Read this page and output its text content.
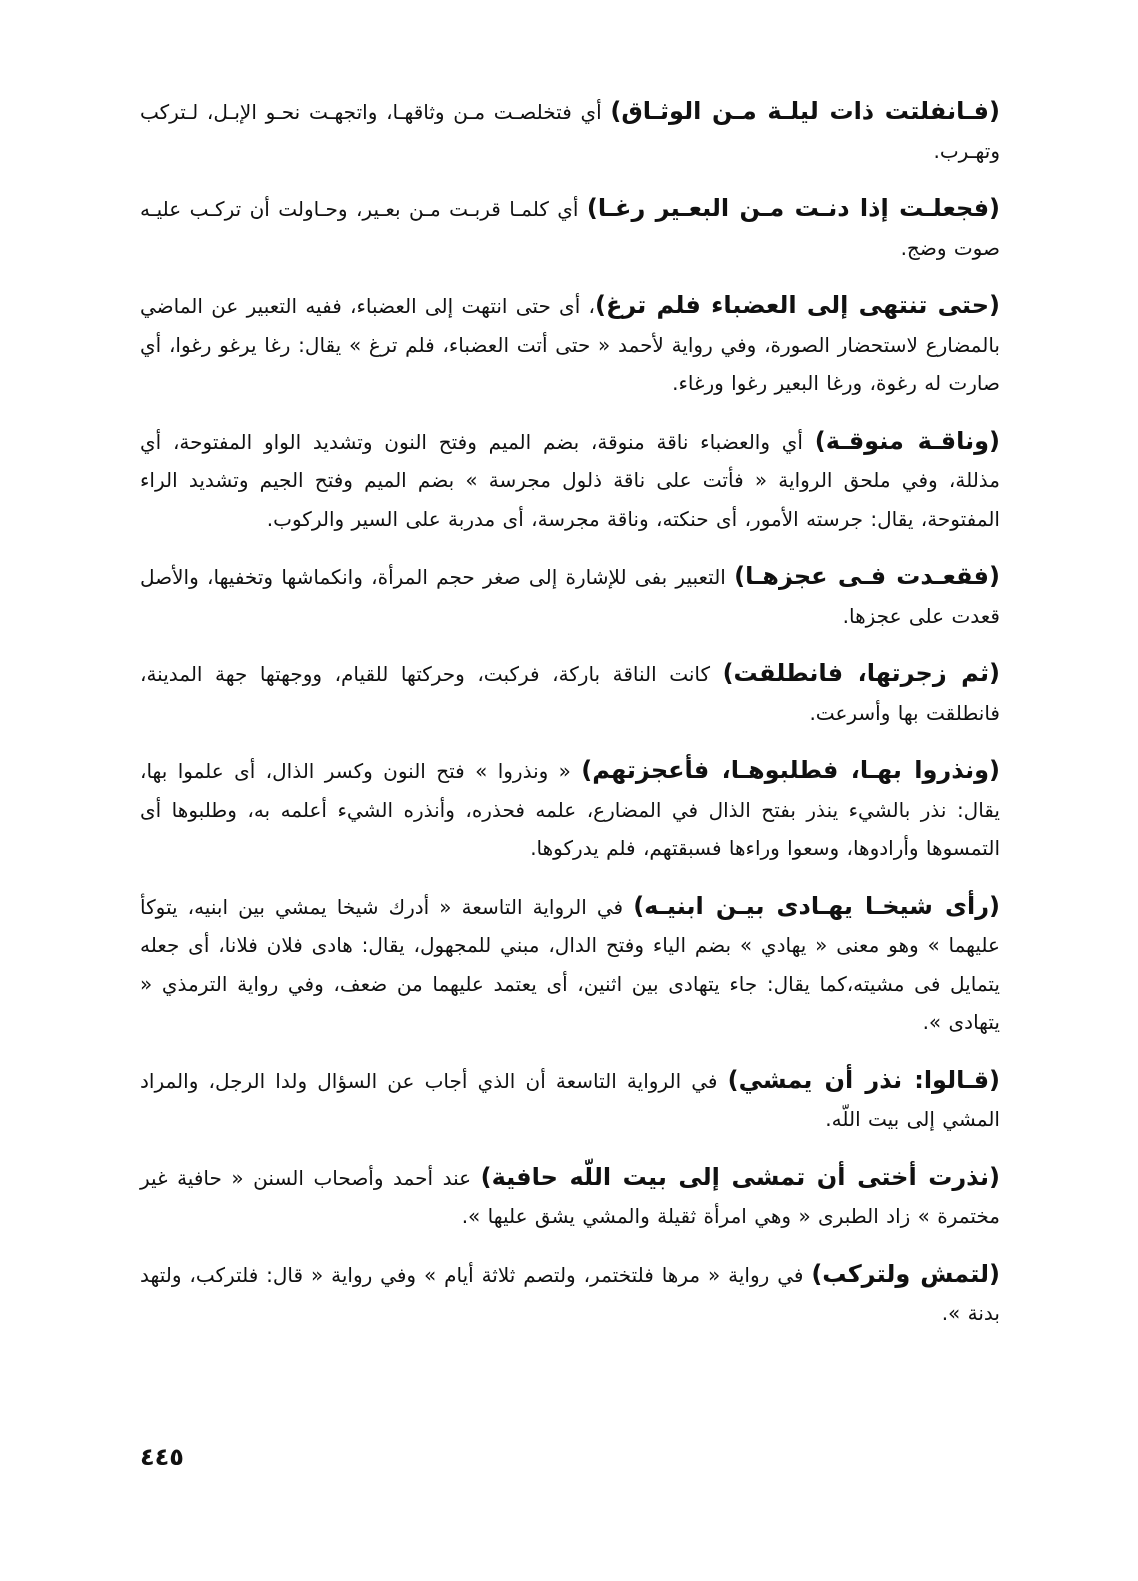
(فـانفلتت ذات ليلـة مـن الوثـاق) أي فتخلصـت مـن وثاقهـا، واتجهـت نحـو الإبـل، لـتركب وتهـرب.

(فجعلـت إذا دنـت مـن البعـير رغـا) أي كلمـا قربـت مـن بعـير، وحـاولت أن تركـب عليـه صوت وضج.

(حتى تنتهى إلى العضباء فلم ترغ)، أى حتى انتهت إلى العضباء، ففيه التعبير عن الماضي بالمضارع لاستحضار الصورة، وفي رواية لأحمد « حتى أتت العضباء، فلم ترغ » يقال: رغا يرغو رغوا، أي صارت له رغوة، ورغا البعير رغوا ورغاء.

(وناقـة منوقـة) أي والعضباء ناقة منوقة، بضم الميم وفتح النون وتشديد الواو المفتوحة، أي مذللة، وفي ملحق الرواية « فأتت على ناقة ذلول مجرسة » بضم الميم وفتح الجيم وتشديد الراء المفتوحة، يقال: جرسته الأمور، أى حنكته، وناقة مجرسة، أى مدربة على السير والركوب.

(فقعـدت فـى عجزهـا) التعبير بفى للإشارة إلى صغر حجم المرأة، وانكماشها وتخفيها، والأصل قعدت على عجزها.

(ثم زجرتها، فانطلقت) كانت الناقة باركة، فركبت، وحركتها للقيام، ووجهتها جهة المدينة، فانطلقت بها وأسرعت.

(ونذروا بهـا، فطلبوهـا، فأعجزتهم) « ونذروا » فتح النون وكسر الذال، أى علموا بها، يقال: نذر بالشيء ينذر بفتح الذال في المضارع، علمه فحذره، وأنذره الشيء أعلمه به، وطلبوها أى التمسوها وأرادوها، وسعوا وراءها فسبقتهم، فلم يدركوها.

(رأى شيخـا يهـادى بيـن ابنيـه) في الرواية التاسعة « أدرك شيخا يمشي بين ابنيه، يتوكأ عليهما » وهو معنى « يهادي » بضم الياء وفتح الدال، مبني للمجهول، يقال: هادى فلان فلانا، أى جعله يتمايل فى مشيته،كما يقال: جاء يتهادى بين اثنين، أى يعتمد عليهما من ضعف، وفي رواية الترمذي « يتهادى ».

(قـالوا: نذر أن يمشي) في الرواية التاسعة أن الذي أجاب عن السؤال ولدا الرجل، والمراد المشي إلى بيت اللّه.

(نذرت أختى أن تمشى إلى بيت اللّه حافية) عند أحمد وأصحاب السنن « حافية غير مختمرة » زاد الطبرى « وهي امرأة ثقيلة والمشي يشق عليها ».

(لتمش ولتركب) في رواية « مرها فلتختمر، ولتصم ثلاثة أيام » وفي رواية « قال: فلتركب، ولتهد بدنة ».

٤٤٥
